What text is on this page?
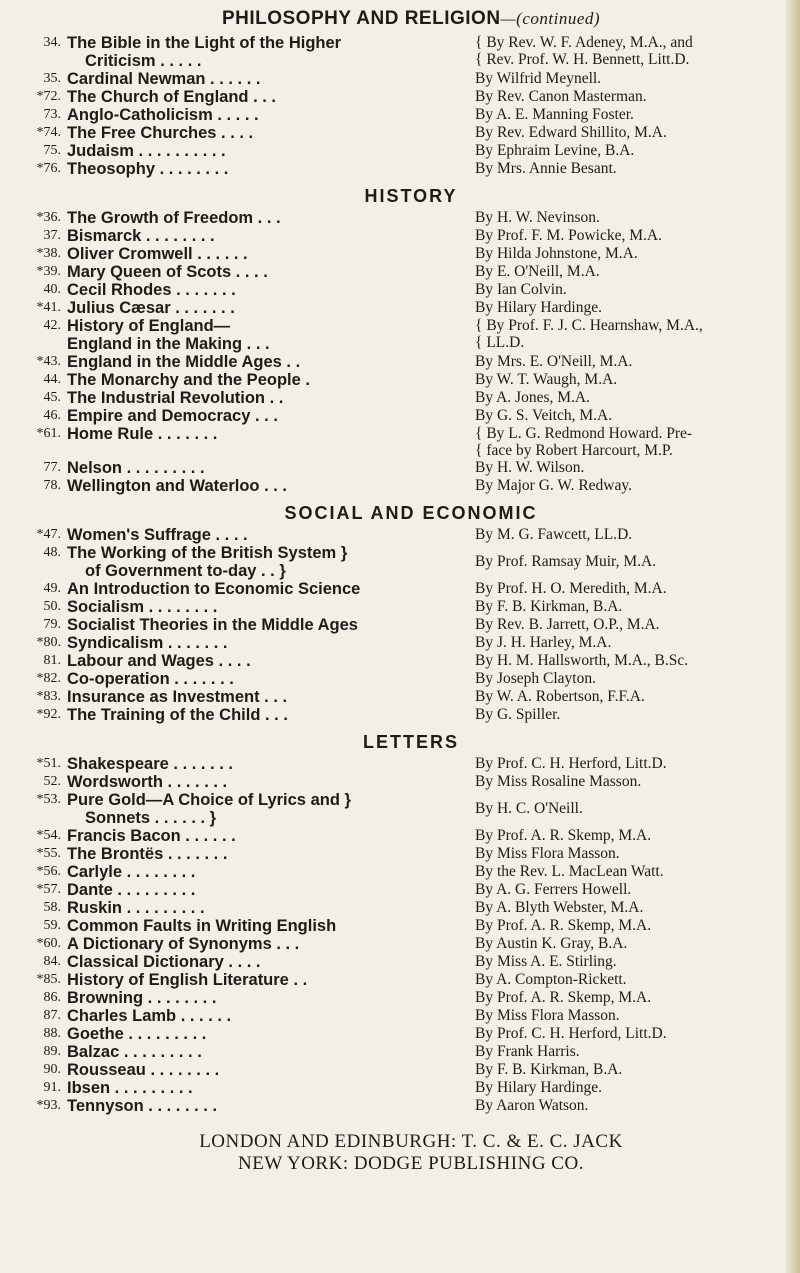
PHILOSOPHY AND RELIGION—(continued)
34. The Bible in the Light of the Higher
Criticism . . . . .
{ By Rev. W. F. Adeney, M.A., and
{ Rev. Prof. W. H. Bennett, Litt.D.
35. Cardinal Newman . . . . . .	By Wilfrid Meynell.
* 72. The Church of England . . .	By Rev. Canon Masterman.
73. Anglo-Catholicism . . . . .	By A. E. Manning Foster.
* 74. The Free Churches . . . .	By Rev. Edward Shillito, M.A.
75. Judaism . . . . . . . . . .	By Ephraim Levine, B.A.
* 76. Theosophy . . . . . . . .	By Mrs. Annie Besant.
HISTORY
* 36. The Growth of Freedom . . .	By H. W. Nevinson.
37. Bismarck . . . . . . . .	By Prof. F. M. Powicke, M.A.
* 38. Oliver Cromwell . . . . . .	By Hilda Johnstone, M.A.
* 39. Mary Queen of Scots . . . .	By E. O'Neill, M.A.
40. Cecil Rhodes . . . . . . .	By Ian Colvin.
* 41. Julius Cæsar . . . . . . .	By Hilary Hardinge.
42. History of England—
England in the Making . . .
{ By Prof. F. J. C. Hearnshaw, M.A.,
{ LL.D.
* 43. England in the Middle Ages . .	By Mrs. E. O'Neill, M.A.
44. The Monarchy and the People .	By W. T. Waugh, M.A.
45. The Industrial Revolution . .	By A. Jones, M.A.
46. Empire and Democracy . . .	By G. S. Veitch, M.A.
* 61. Home Rule . . . . . . .	{ By L. G. Redmond Howard. Pre-
{ face by Robert Harcourt, M.P.
77. Nelson . . . . . . . . .	By H. W. Wilson.
78. Wellington and Waterloo . . .	By Major G. W. Redway.
SOCIAL AND ECONOMIC
* 47. Women's Suffrage . . . .	By M. G. Fawcett, LL.D.
48. The Working of the British System }
of Government to-day . . }
By Prof. Ramsay Muir, M.A.
49. An Introduction to Economic Science	By Prof. H. O. Meredith, M.A.
50. Socialism . . . . . . . .	By F. B. Kirkman, B.A.
79. Socialist Theories in the Middle Ages	By Rev. B. Jarrett, O.P., M.A.
* 80. Syndicalism . . . . . . .	By J. H. Harley, M.A.
81. Labour and Wages . . . .	By H. M. Hallsworth, M.A., B.Sc.
* 82. Co-operation . . . . . . .	By Joseph Clayton.
* 83. Insurance as Investment . . .	By W. A. Robertson, F.F.A.
* 92. The Training of the Child . . .	By G. Spiller.
LETTERS
* 51. Shakespeare . . . . . . .	By Prof. C. H. Herford, Litt.D.
52. Wordsworth . . . . . . .	By Miss Rosaline Masson.
* 53. Pure Gold—A Choice of Lyrics and }
Sonnets . . . . . . }
By H. C. O'Neill.
* 54. Francis Bacon . . . . . .	By Prof. A. R. Skemp, M.A.
* 55. The Brontës . . . . . . .	By Miss Flora Masson.
* 56. Carlyle . . . . . . . .	By the Rev. L. MacLean Watt.
* 57. Dante . . . . . . . . .	By A. G. Ferrers Howell.
58. Ruskin . . . . . . . . .	By A. Blyth Webster, M.A.
59. Common Faults in Writing English	By Prof. A. R. Skemp, M.A.
* 60. A Dictionary of Synonyms . . .	By Austin K. Gray, B.A.
84. Classical Dictionary . . . .	By Miss A. E. Stirling.
* 85. History of English Literature . .	By A. Compton-Rickett.
86. Browning . . . . . . . .	By Prof. A. R. Skemp, M.A.
87. Charles Lamb . . . . . .	By Miss Flora Masson.
88. Goethe . . . . . . . . .	By Prof. C. H. Herford, Litt.D.
89. Balzac . . . . . . . . .	By Frank Harris.
90. Rousseau . . . . . . . .	By F. B. Kirkman, B.A.
91. Ibsen . . . . . . . . .	By Hilary Hardinge.
* 93. Tennyson . . . . . . . .	By Aaron Watson.
LONDON AND EDINBURGH: T. C. & E. C. JACK
NEW YORK: DODGE PUBLISHING CO.
